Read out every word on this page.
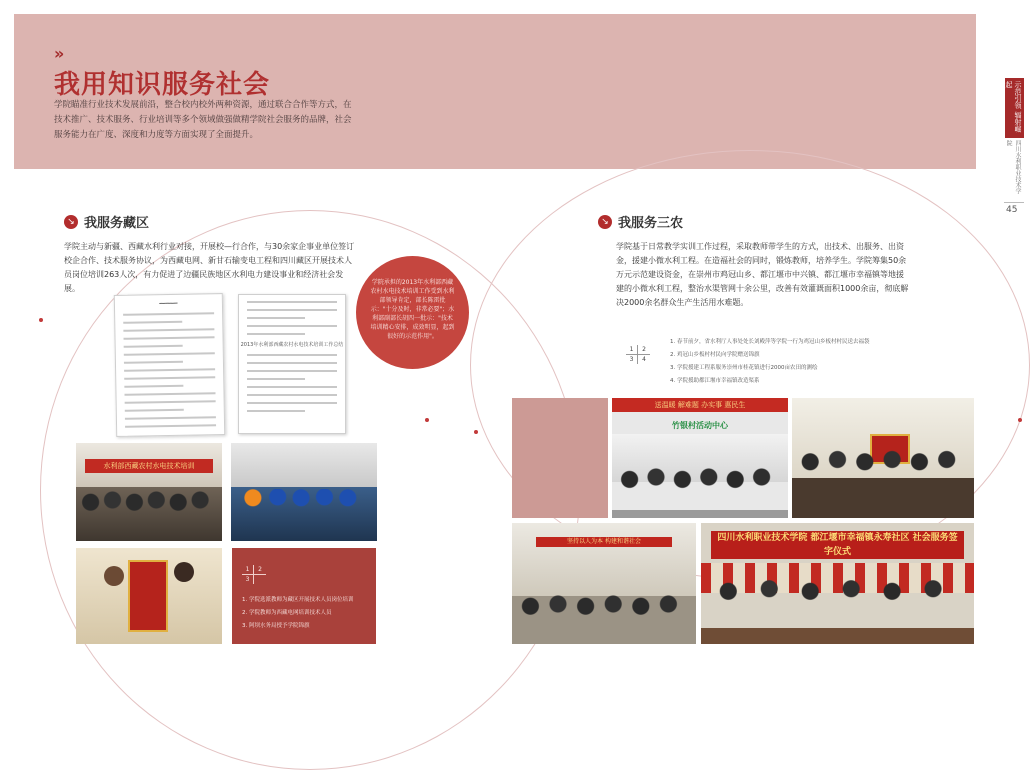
»
我用知识服务社会
学院瞄准行业技术发展前沿，整合校内校外两种资源，通过联合合作等方式，在技术推广、技术服务、行业培训等多个领域做强做精学院社会服务的品牌，社会服务能力在广度、深度和力度等方面实现了全面提升。
示范引领 辐射崛起
四川水利职业技术学院
45
↘ 我服务藏区
学院主动与新疆、西藏水利行业对接，开展校—行合作，与30余家企事业单位签订校企合作、技术服务协议，为西藏电网、新甘石输变电工程和四川藏区开展技术人员岗位培训263人次，有力促进了边疆民族地区水利电力建设事业和经济社会发展。
━━━━━━
2013年水利部西藏农村水电技术培训工作总结
学院承担的2013年水利部西藏农村水电技术培训工作受到水利部领导肯定，部长陈雷批示："十分及时，非常必要"；水利部副部长胡四一批示："技术培训精心安排，成效明显，起到很好的示范作用"。
水利部西藏农村水电技术培训
1	2
3
1. 学院选派教师为藏区开展技术人员岗位培训
2. 学院教师为西藏电网培训技术人员
3. 阿坝水务局授予学院锦旗
↘ 我服务三农
学院基于日常教学实训工作过程，采取教师带学生的方式，出技术、出服务、出资金，援建小微水利工程。在造福社会的同时，锻炼教师，培养学生。学院筹集50余万元示范建设资金，在崇州市鸡冠山乡、都江堰市中兴镇、都江堰市幸福镇等地援建的小微水利工程，整治水渠管网十余公里，改善有效灌溉面积1000余亩，彻底解决2000余名群众生产生活用水难题。
1	2
3	4
1. 春节前夕，省水利厅人事处处长刘殿萍等学院一行为鸡冠山乡板村村民送去福袋
2. 鸡冠山乡板村村民向学院赠送锦旗
3. 学院援建工程系服务崇州市桂花镇进行2000亩农田的测绘
4. 学院援助都江堰市幸福镇改造渠系
送温暖 解难题 办实事 惠民生
竹银村活动中心
坚持以人为本 构建和谐社会	四川水利职业技术学院 都江堰市幸福镇永寿社区 社会服务签字仪式
